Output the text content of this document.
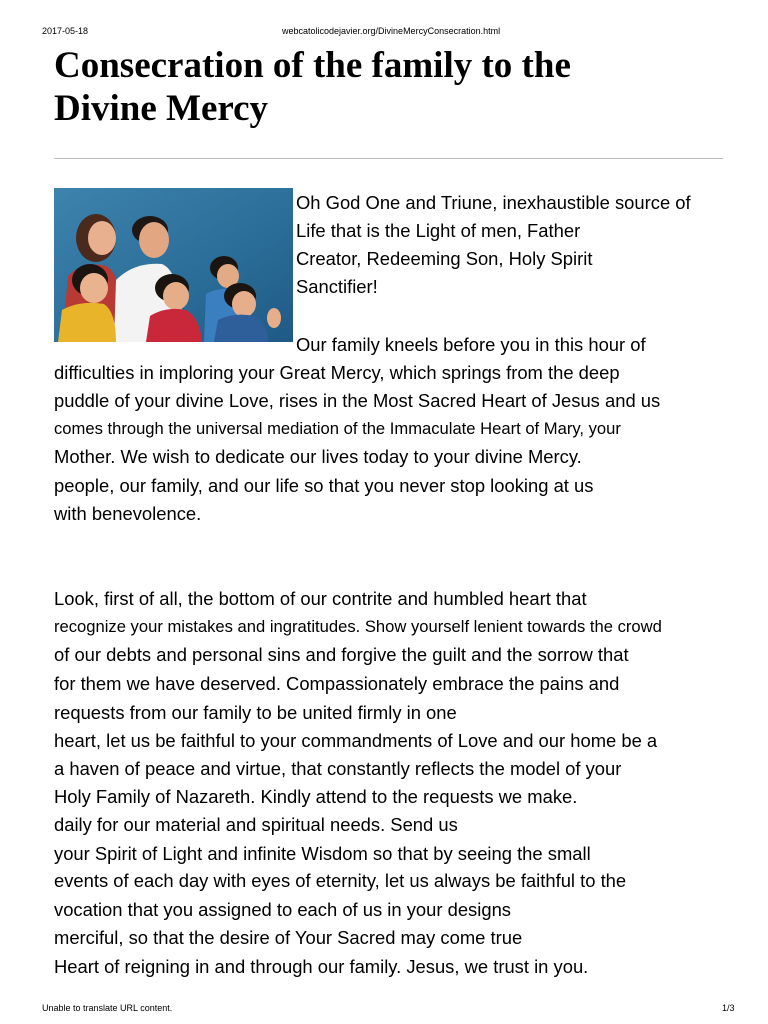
2017-05-18	webcatolicodejavier.org/DivineMercyConsecration.html
Consecration of the family to the
Divine Mercy
Oh God One and Triune, inexhaustible source of
Life that is the Light of men, Father
Creator, Redeeming Son, Holy Spirit
Sanctifier!
Our family kneels before you in this hour of
difficulties in imploring your Great Mercy, which springs from the deep
puddle of your divine Love, rises in the Most Sacred Heart of Jesus and us
comes through the universal mediation of the Immaculate Heart of Mary, your
Mother. We wish to dedicate our lives today to your divine Mercy.
people, our family, and our life so that you never stop looking at us
with benevolence.
Look, first of all, the bottom of our contrite and humbled heart that
recognize your mistakes and ingratitudes. Show yourself lenient towards the crowd
of our debts and personal sins and forgive the guilt and the sorrow that
for them we have deserved. Compassionately embrace the pains and
requests from our family to be united firmly in one
heart, let us be faithful to your commandments of Love and our home be a
a haven of peace and virtue, that constantly reflects the model of your
Holy Family of Nazareth. Kindly attend to the requests we make.
daily for our material and spiritual needs. Send us
your Spirit of Light and infinite Wisdom so that by seeing the small
events of each day with eyes of eternity, let us always be faithful to the
vocation that you assigned to each of us in your designs
merciful, so that the desire of Your Sacred may come true
Heart of reigning in and through our family. Jesus, we trust in you.
Unable to translate URL content.	1/3
